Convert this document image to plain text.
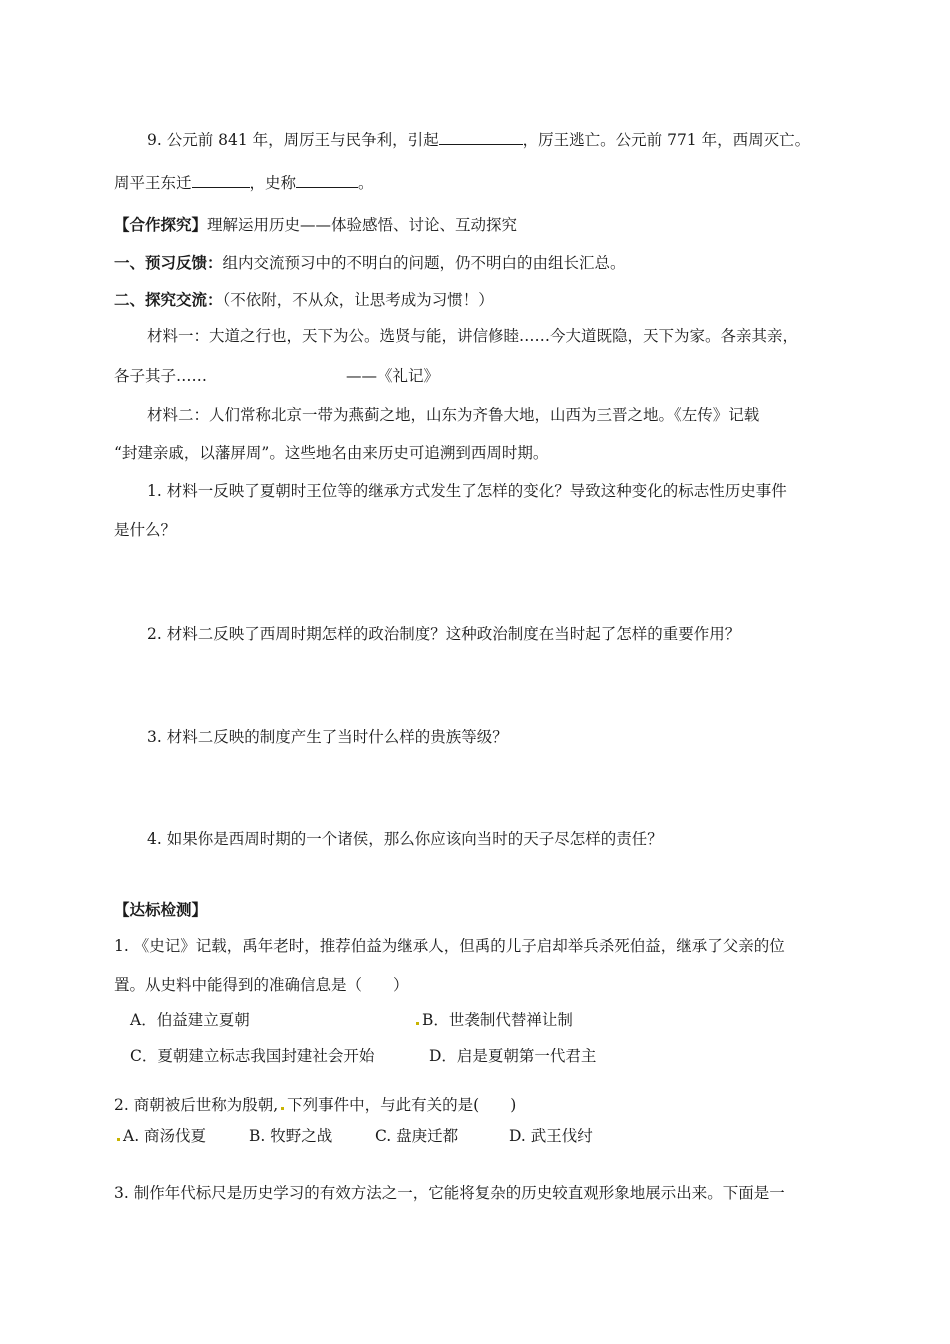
9. 公元前 841 年，周厉王与民争利，引起	，厉王逃亡。公元前 771 年，西周灭亡。
周平王东迁	，史称	。
【合作探究】理解运用历史——体验感悟、讨论、互动探究
一、预习反馈：组内交流预习中的不明白的问题，仍不明白的由组长汇总。
二、探究交流：（不依附，不从众，让思考成为习惯！）
材料一：大道之行也，天下为公。选贤与能，讲信修睦……今大道既隐，天下为家。各亲其亲，
各子其子……	——《礼记》
材料二：人们常称北京一带为燕蓟之地，山东为齐鲁大地，山西为三晋之地。《左传》记载
“封建亲戚，以藩屏周”。这些地名由来历史可追溯到西周时期。
1. 材料一反映了夏朝时王位等的继承方式发生了怎样的变化？导致这种变化的标志性历史事件
是什么？
2. 材料二反映了西周时期怎样的政治制度？这种政治制度在当时起了怎样的重要作用？
3. 材料二反映的制度产生了当时什么样的贵族等级？
4. 如果你是西周时期的一个诸侯，那么你应该向当时的天子尽怎样的责任？
【达标检测】
1. 《史记》记载，禹年老时，推荐伯益为继承人，但禹的儿子启却举兵杀死伯益，继承了父亲的位
置。从史料中能得到的准确信息是（　　）
A．伯益建立夏朝	B．世袭制代替禅让制
C．夏朝建立标志我国封建社会开始	D．启是夏朝第一代君主
2. 商朝被后世称为殷朝, 下列事件中，与此有关的是(　　)
A. 商汤伐夏	B. 牧野之战	C. 盘庚迁都	D. 武王伐纣
3. 制作年代标尺是历史学习的有效方法之一，它能将复杂的历史较直观形象地展示出来。下面是一
